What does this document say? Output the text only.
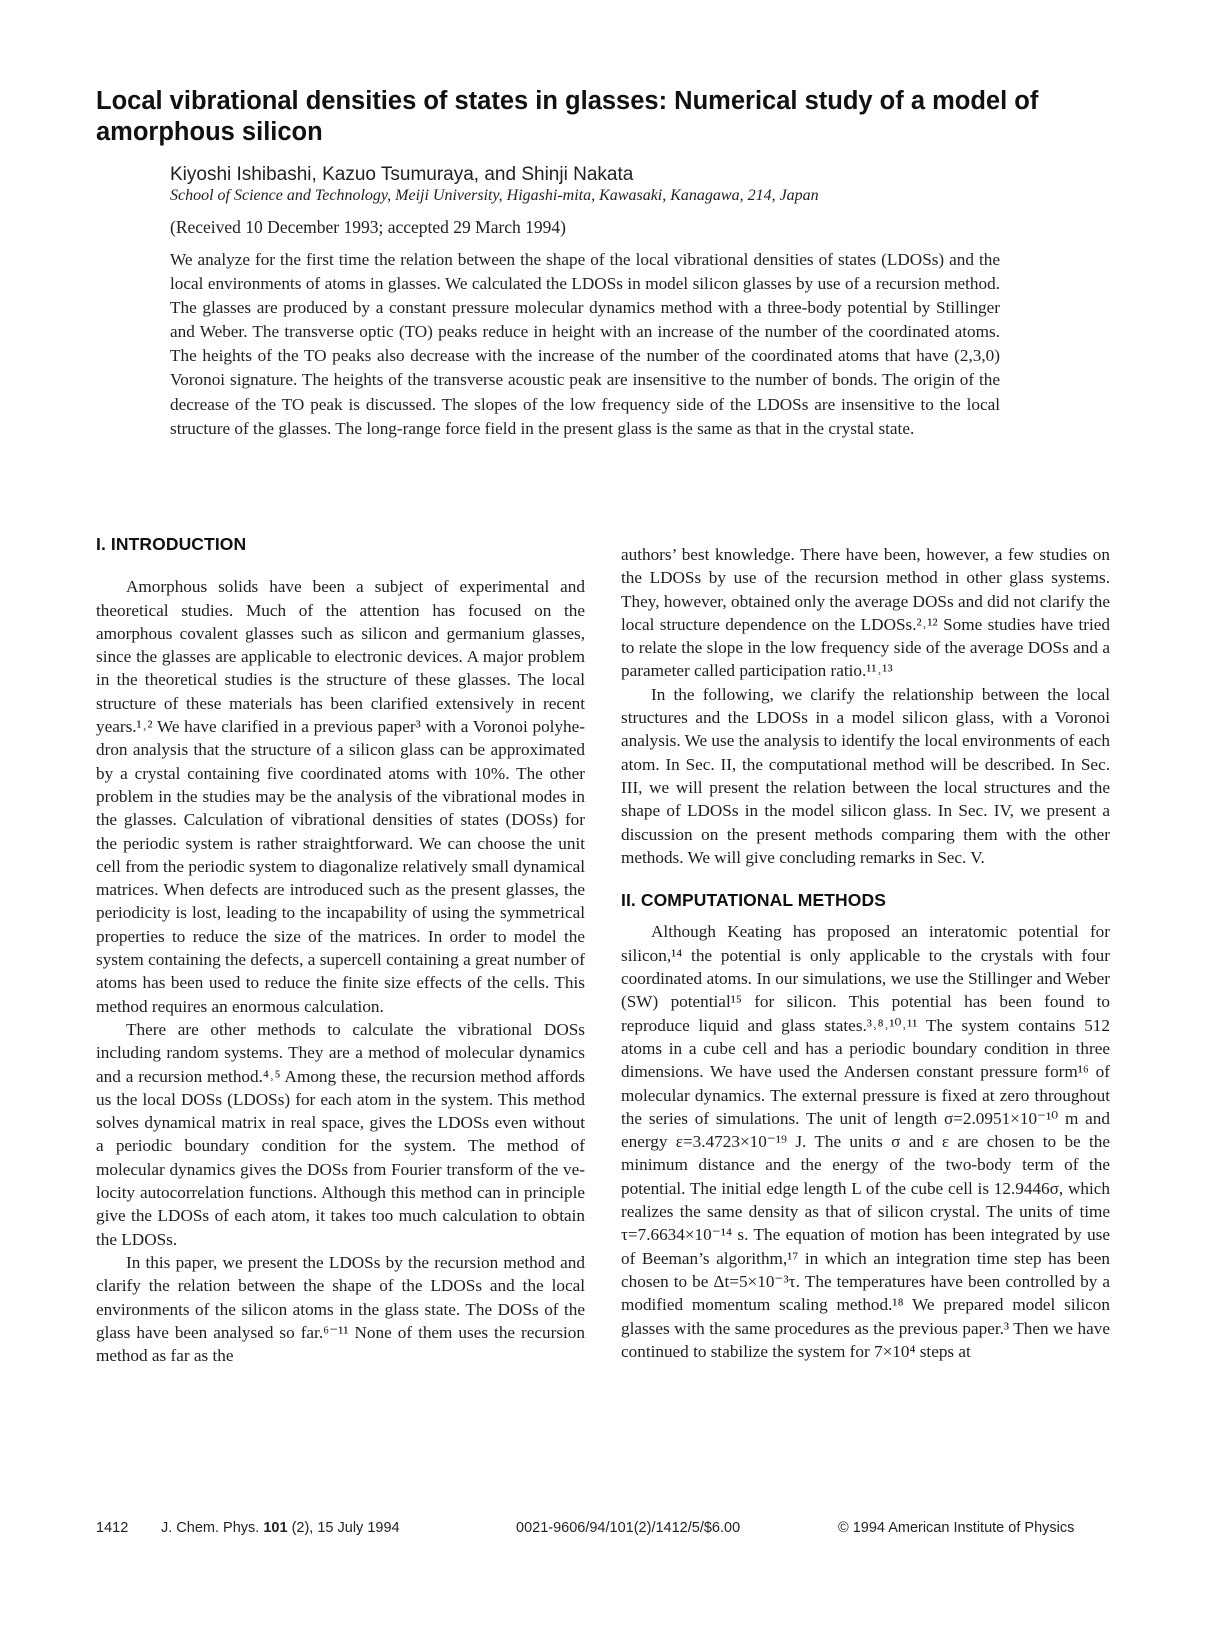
Local vibrational densities of states in glasses: Numerical study of a model of amorphous silicon
Kiyoshi Ishibashi, Kazuo Tsumuraya, and Shinji Nakata
School of Science and Technology, Meiji University, Higashi-mita, Kawasaki, Kanagawa, 214, Japan
(Received 10 December 1993; accepted 29 March 1994)

We analyze for the first time the relation between the shape of the local vibrational densities of states (LDOSs) and the local environments of atoms in glasses. We calculated the LDOSs in model silicon glasses by use of a recursion method. The glasses are produced by a constant pressure molecular dynamics method with a three-body potential by Stillinger and Weber. The transverse optic (TO) peaks reduce in height with an increase of the number of the coordinated atoms. The heights of the TO peaks also decrease with the increase of the number of the coordinated atoms that have (2,3,0) Voronoi signature. The heights of the transverse acoustic peak are insensitive to the number of bonds. The origin of the decrease of the TO peak is discussed. The slopes of the low frequency side of the LDOSs are insensitive to the local structure of the glasses. The long-range force field in the present glass is the same as that in the crystal state.

I. INTRODUCTION

Amorphous solids have been a subject of experimental and theoretical studies. Much of the attention has focused on the amorphous covalent glasses such as silicon and germanium glasses, since the glasses are applicable to electronic devices. A major problem in the theoretical studies is the structure of these glasses. The local structure of these materials has been clarified extensively in recent years.¹˒² We have clarified in a previous paper³ with a Voronoi polyhedron analysis that the structure of a silicon glass can be approximated by a crystal containing five coordinated atoms with 10%. The other problem in the studies may be the analysis of the vibrational modes in the glasses. Calculation of vibrational densities of states (DOSs) for the periodic system is rather straightforward. We can choose the unit cell from the periodic system to diagonalize relatively small dynamical matrices. When defects are introduced such as the present glasses, the periodicity is lost, leading to the incapability of using the symmetrical properties to reduce the size of the matrices. In order to model the system containing the defects, a supercell containing a great number of atoms has been used to reduce the finite size effects of the cells. This method requires an enormous calculation.

There are other methods to calculate the vibrational DOSs including random systems. They are a method of molecular dynamics and a recursion method.⁴˒⁵ Among these, the recursion method affords us the local DOSs (LDOSs) for each atom in the system. This method solves dynamical matrix in real space, gives the LDOSs even without a periodic boundary condition for the system. The method of molecular dynamics gives the DOSs from Fourier transform of the velocity autocorrelation functions. Although this method can in principle give the LDOSs of each atom, it takes too much calculation to obtain the LDOSs.

In this paper, we present the LDOSs by the recursion method and clarify the relation between the shape of the LDOSs and the local environments of the silicon atoms in the glass state. The DOSs of the glass have been analysed so far.⁶⁻¹¹ None of them uses the recursion method as far as the

authors’ best knowledge. There have been, however, a few studies on the LDOSs by use of the recursion method in other glass systems. They, however, obtained only the average DOSs and did not clarify the local structure dependence on the LDOSs.²˒¹² Some studies have tried to relate the slope in the low frequency side of the average DOSs and a parameter called participation ratio.¹¹˒¹³

In the following, we clarify the relationship between the local structures and the LDOSs in a model silicon glass, with a Voronoi analysis. We use the analysis to identify the local environments of each atom. In Sec. II, the computational method will be described. In Sec. III, we will present the relation between the local structures and the shape of LDOSs in the model silicon glass. In Sec. IV, we present a discussion on the present methods comparing them with the other methods. We will give concluding remarks in Sec. V.

II. COMPUTATIONAL METHODS

Although Keating has proposed an interatomic potential for silicon,¹⁴ the potential is only applicable to the crystals with four coordinated atoms. In our simulations, we use the Stillinger and Weber (SW) potential¹⁵ for silicon. This potential has been found to reproduce liquid and glass states.³˒⁸˒¹⁰˒¹¹ The system contains 512 atoms in a cube cell and has a periodic boundary condition in three dimensions. We have used the Andersen constant pressure form¹⁶ of molecular dynamics. The external pressure is fixed at zero throughout the series of simulations. The unit of length σ=2.0951×10⁻¹⁰ m and energy ε=3.4723×10⁻¹⁹ J. The units σ and ε are chosen to be the minimum distance and the energy of the two-body term of the potential. The initial edge length L of the cube cell is 12.9446σ, which realizes the same density as that of silicon crystal. The units of time τ=7.6634×10⁻¹⁴ s. The equation of motion has been integrated by use of Beeman’s algorithm,¹⁷ in which an integration time step has been chosen to be Δt=5×10⁻³τ. The temperatures have been controlled by a modified momentum scaling method.¹⁸ We prepared model silicon glasses with the same procedures as the previous paper.³ Then we have continued to stabilize the system for 7×10⁴ steps at

1412 J. Chem. Phys. 101 (2), 15 July 1994	0021-9606/94/101(2)/1412/5/$6.00	© 1994 American Institute of Physics
